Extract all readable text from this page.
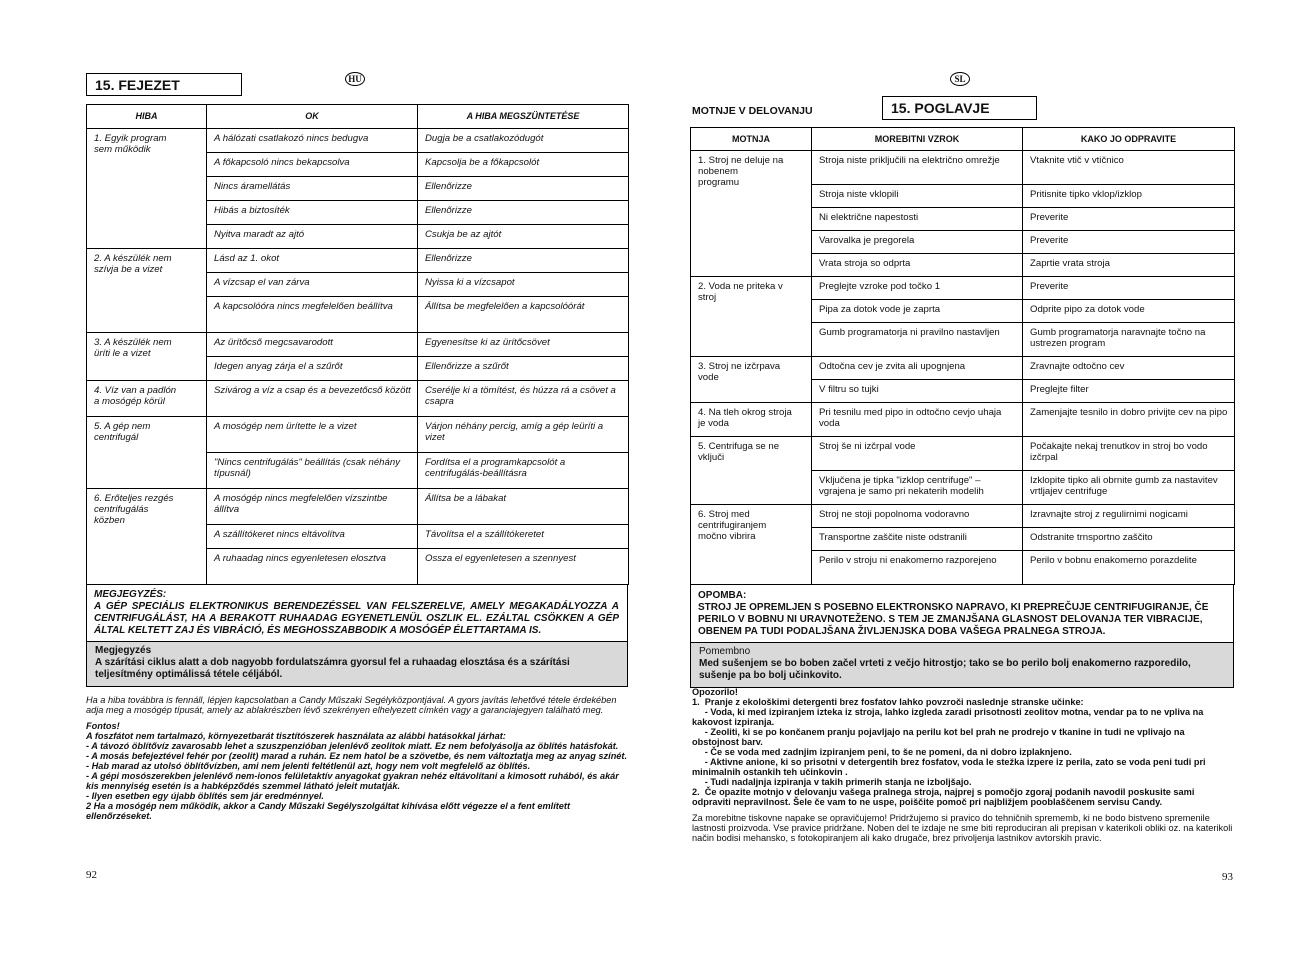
15. FEJEZET	HU
HIBA	OK	A HIBA MEGSZÜNTETÉSE
1. Egyik program
sem működik	A hálózati csatlakozó nincs bedugva	Dugja be a csatlakozódugót
	A főkapcsoló nincs bekapcsolva	Kapcsolja be a főkapcsolót
	Nincs áramellátás	Ellenőrizze
	Hibás a biztosíték	Ellenőrizze
	Nyitva maradt az ajtó	Csukja be az ajtót
2. A készülék nem
szívja be a vizet	Lásd az 1. okot	Ellenőrizze
	A vízcsap el van zárva	Nyissa ki a vízcsapot
	A kapcsolóóra nincs megfelelően beállítva	Állítsa be megfelelően a kapcsolóórát
3. A készülék nem
üríti le a vizet	Az ürítőcső megcsavarodott	Egyenesítse ki az ürítőcsövet
	Idegen anyag zárja el a szűrőt	Ellenőrizze a szűrőt
4. Víz van a padlón
a mosógép körül	Szivárog a víz a csap és a bevezetőcső között	Cserélje ki a tömítést, és húzza rá a csövet a csapra
5. A gép nem
centrifugál	A mosógép nem ürítette le a vizet	Várjon néhány percig, amíg a gép leüríti a vizet
	"Nincs centrifugálás" beállítás (csak néhány típusnál)	Fordítsa el a programkapcsolót a centrifugálás-beállításra
6. Erőteljes rezgés
centrifugálás
közben	A mosógép nincs megfelelően vízszintbe állítva	Állítsa be a lábakat
	A szállítókeret nincs eltávolítva	Távolítsa el a szállítókeretet
	A ruhaadag nincs egyenletesen elosztva	Ossza el egyenletesen a szennyest
MEGJEGYZÉS:
A GÉP SPECIÁLIS ELEKTRONIKUS BERENDEZÉSSEL VAN FELSZERELVE, AMELY MEGAKADÁLYOZZA A CENTRIFUGÁLÁST, HA A BERAKOTT RUHAADAG EGYENETLENÜL OSZLIK EL. EZÁLTAL CSÖKKEN A GÉP ÁLTAL KELTETT ZAJ ÉS VIBRÁCIÓ, ÉS MEGHOSSZABBODIK A MOSÓGÉP ÉLETTARTAMA IS.
Megjegyzés
A szárítási ciklus alatt a dob nagyobb fordulatszámra gyorsul fel a ruhaadag elosztása és a szárítási teljesítmény optimálissá tétele céljából.
Ha a hiba továbbra is fennáll, lépjen kapcsolatban a Candy Műszaki Segélyközpontjával. A gyors javítás lehetővé tétele érdekében adja meg a mosógép típusát, amely az ablakrészben lévő szekrényen elhelyezett címkén vagy a garanciajegyen található meg.
Fontos!
A foszfátot nem tartalmazó, környezetbarát tisztítószerek használata az alábbi hatásokkal járhat:
- A távozó öblítővíz zavarosabb lehet a szuszpenzióban jelenlévő zeolitok miatt. Ez nem befolyásolja az öblítés hatásfokát.
- A mosás befejeztével fehér por (zeolit) marad a ruhán. Ez nem hatol be a szövetbe, és nem változtatja meg az anyag színét.
- Hab marad az utolsó öblítővízben, ami nem jelenti feltétlenül azt, hogy nem volt megfelelő az öblítés.
- A gépi mosószerekben jelenlévő nem-ionos felületaktív anyagokat gyakran nehéz eltávolítani a kimosott ruhából, és akár kis mennyiség esetén is a habképződés szemmel látható jeleit mutatják.
- Ilyen esetben egy újabb öblítés sem jár eredménnyel.
2 Ha a mosógép nem működik, akkor a Candy Műszaki Segélyszolgáltat kihívása előtt végezze el a fent említett ellenőrzéseket.
92
SL
MOTNJE V DELOVANJU	15. POGLAVJE
MOTNJA	MOREBITNI VZROK	KAKO JO ODPRAVITE
1. Stroj ne deluje na
nobenem
programu	Stroja niste priključili na električno omrežje	Vtaknite vtič v vtičnico
	Stroja niste vklopili	Pritisnite tipko vklop/izklop
	Ni električne napestosti	Preverite
	Varovalka je pregorela	Preverite
	Vrata stroja so odprta	Zaprtie vrata stroja
2. Voda ne priteka v
stroj	Preglejte vzroke pod točko 1	Preverite
	Pipa za dotok vode je zaprta	Odprite pipo za dotok vode
	Gumb programatorja ni pravilno nastavljen	Gumb programatorja naravnajte točno na ustrezen program
3. Stroj ne izčrpava
vode	Odtočna cev je zvita ali upognjena	Zravnajte odtočno cev
	V filtru so tujki	Preglejte filter
4. Na tleh okrog stroja
je voda	Pri tesnilu med pipo in odtočno cevjo uhaja voda	Zamenjajte tesnilo in dobro privijte cev na pipo
5. Centrifuga se ne
vključi	Stroj še ni izčrpal vode	Počakajte nekaj trenutkov in stroj bo vodo izčrpal
	Vključena je tipka "izklop centrifuge" – vgrajena je samo pri nekaterih modelih	Izklopite tipko ali obrnite gumb za nastavitev vrtljajev centrifuge
6. Stroj med
centrifugiranjem
močno vibrira	Stroj ne stoji popolnoma vodoravno	Izravnajte stroj z regulirnimi nogicami
	Transportne zaščite niste odstranili	Odstranite trnsportno zaščito
	Perilo v stroju ni enakomerno razporejeno	Perilo v bobnu enakomerno porazdelite
OPOMBA:
STROJ JE OPREMLJEN S POSEBNO ELEKTRONSKO NAPRAVO, KI PREPREČUJE CENTRIFUGIRANJE, ČE PERILO V BOBNU NI URAVNOTEŽENO. S TEM JE ZMANJŠANA GLASNOST DELOVANJA TER VIBRACIJE, OBENEM PA TUDI PODALJŠANA ŽIVLJENJSKA DOBA VAŠEGA PRALNEGA STROJA.
Pomembno
Med sušenjem se bo boben začel vrteti z večjo hitrostjo; tako se bo perilo bolj enakomerno razporedilo, sušenje pa bo bolj učinkovito.
Opozorilo!
1.  Pranje z ekološkimi detergenti brez fosfatov lahko povzroči naslednje stranske učinke:
- Voda, ki med izpiranjem izteka iz stroja, lahko izgleda zaradi prisotnosti zeolitov motna, vendar pa to ne vpliva na kakovost izpiranja.
- Zeoliti, ki se po končanem pranju pojavljajo na perilu kot bel prah ne prodrejo v tkanine in tudi ne vplivajo na obstojnost barv.
- Če se voda med zadnjim izpiranjem peni, to še ne pomeni, da ni dobro izplaknjeno.
- Aktivne anione, ki so prisotni v detergentih brez fosfatov, voda le stežka izpere iz perila, zato se voda peni tudi pri minimalnih ostankih teh učinkovin .
- Tudi nadaljnja izpiranja v takih primerih stanja ne izboljšajo.
2.  Če opazite motnjo v delovanju vašega pralnega stroja, najprej s pomočjo zgoraj podanih navodil poskusite sami odpraviti nepravilnost. Šele če vam to ne uspe, poiščite pomoč pri najbližjem pooblaščenem servisu Candy.
Za morebitne tiskovne napake se opravičujemo! Pridržujemo si pravico do tehničnih sprememb, ki ne bodo bistveno spremenile lastnosti proizvoda. Vse pravice pridržane. Noben del te izdaje ne sme biti reproduciran ali prepisan v katerikoli obliki oz. na katerikoli način bodisi mehansko, s fotokopiranjem ali kako drugače, brez privoljenja lastnikov avtorskih pravic.
93
